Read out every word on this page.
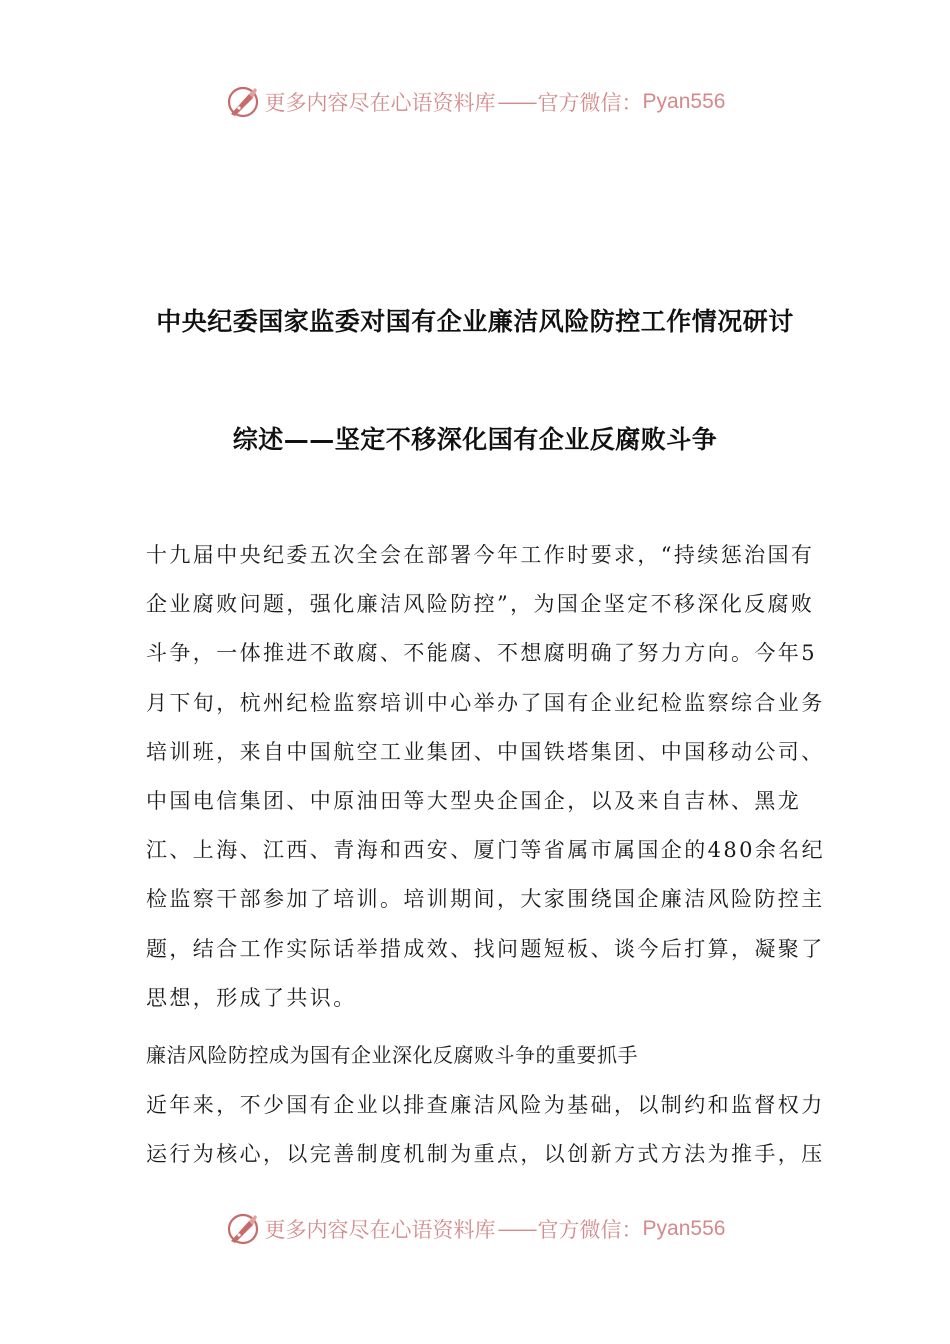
更多内容尽在心语资料库 —— 官方微信： Pyan556
中央纪委国家监委对国有企业廉洁风险防控工作情况研讨
综述——坚定不移深化国有企业反腐败斗争

十九届中央纪委五次全会在部署今年工作时要求，“持续惩治国有企业腐败问题，强化廉洁风险防控”，为国企坚定不移深化反腐败斗争，一体推进不敢腐、不能腐、不想腐明确了努力方向。今年5月下旬，杭州纪检监察培训中心举办了国有企业纪检监察综合业务培训班，来自中国航空工业集团、中国铁塔集团、中国移动公司、中国电信集团、中原油田等大型央企国企，以及来自吉林、黑龙江、上海、江西、青海和西安、厦门等省属市属国企的480余名纪检监察干部参加了培训。培训期间，大家围绕国企廉洁风险防控主题，结合工作实际话举措成效、找问题短板、谈今后打算，凝聚了思想，形成了共识。

廉洁风险防控成为国有企业深化反腐败斗争的重要抓手

近年来，不少国有企业以排查廉洁风险为基础，以制约和监督权力运行为核心，以完善制度机制为重点，以创新方式方法为推手，压

更多内容尽在心语资料库 —— 官方微信： Pyan556
